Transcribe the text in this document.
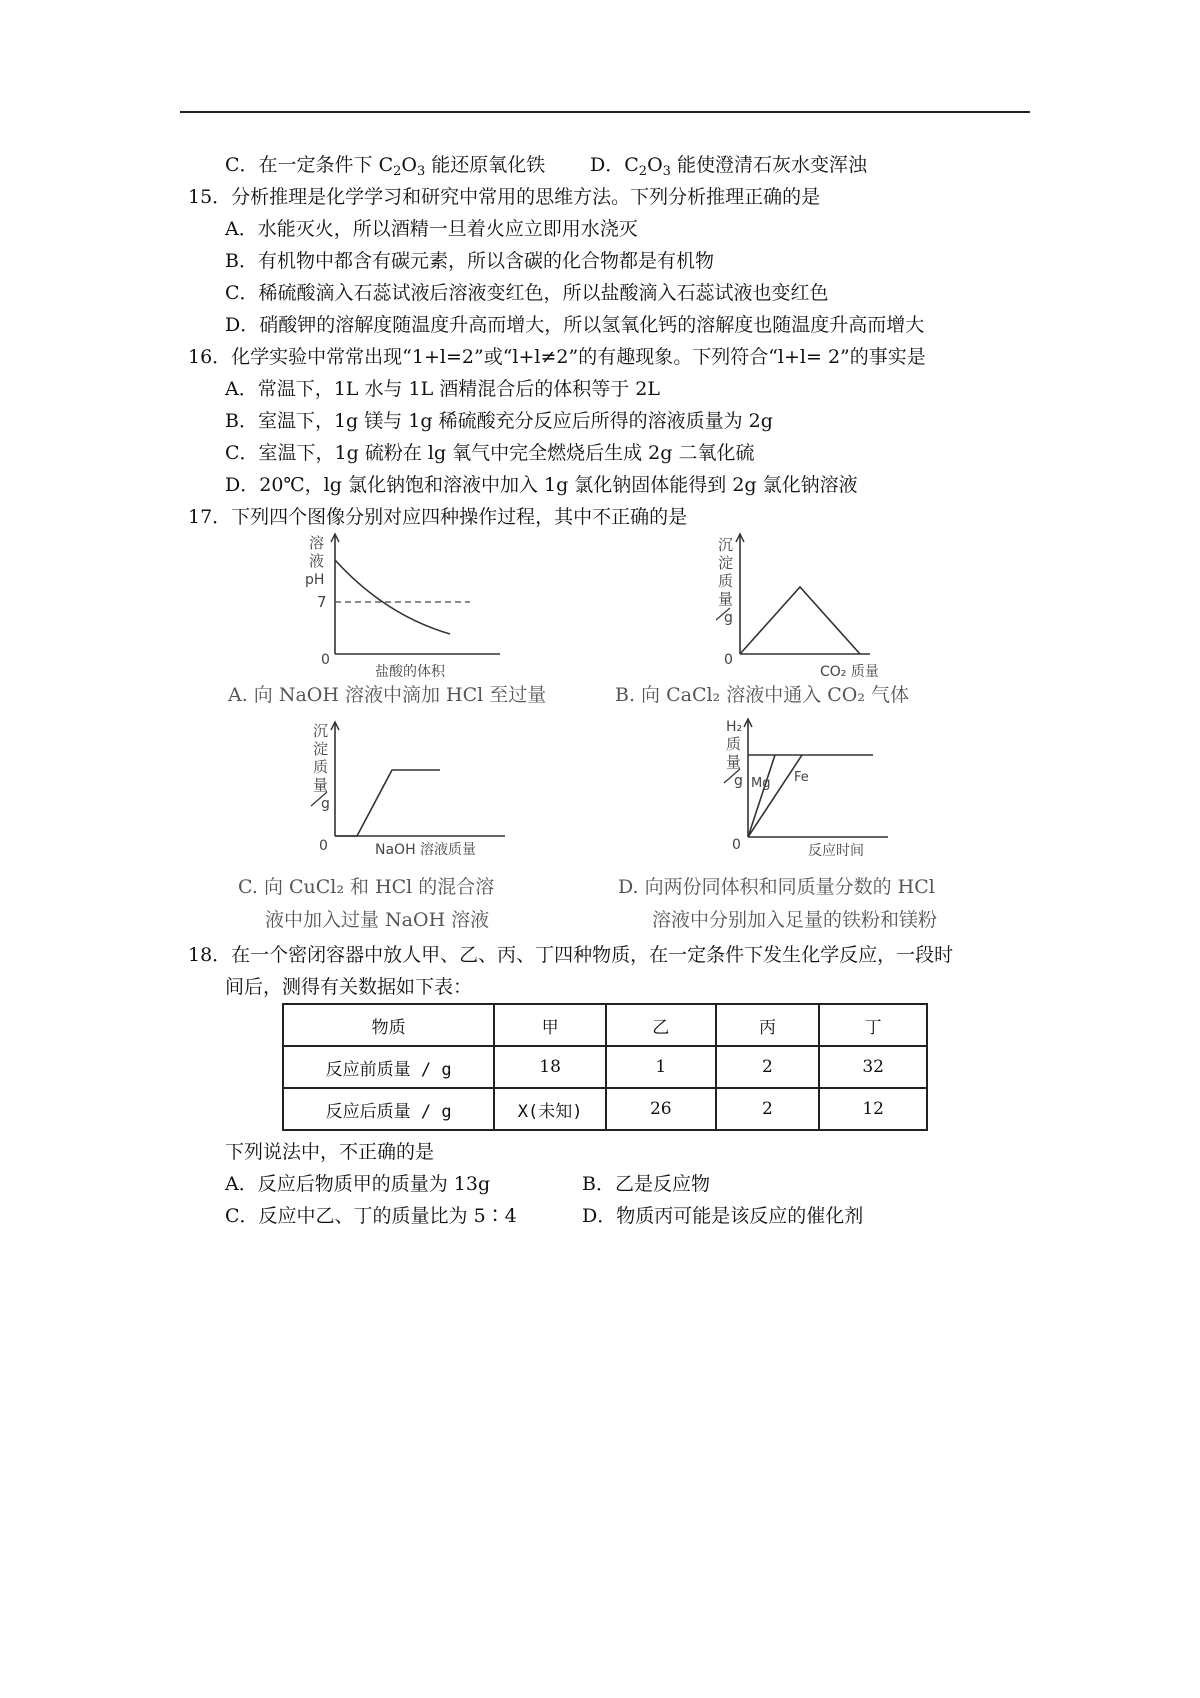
C．在一定条件下 $C_2O_3$ 能还原氧化铁 D．$C_2O_3$ 能使澄清石灰水变浑浊
15．分析推理是化学学习和研究中常用的思维方法。下列分析推理正确的是
A．水能灭火，所以酒精一旦着火应立即用水浇灭
B．有机物中都含有碳元素，所以含碳的化合物都是有机物
C．稀硫酸滴入石蕊试液后溶液变红色，所以盐酸滴入石蕊试液也变红色
D．硝酸钾的溶解度随温度升高而增大，所以氢氧化钙的溶解度也随温度升高而增大
16．化学实验中常常出现“1+l=2”或“l+l≠2”的有趣现象。下列符合“l+l= 2”的事实是
A．常温下，1L 水与 1L 酒精混合后的体积等于 2L
B．室温下，1g 镁与 1g 稀硫酸充分反应后所得的溶液质量为 2g
C．室温下，1g 硫粉在 lg 氧气中完全燃烧后生成 2g 二氧化硫
D．20℃，lg 氯化钠饱和溶液中加入 1g 氯化钠固体能得到 2g 氯化钠溶液
17．下列四个图像分别对应四种操作过程，其中不正确的是
溶
液
pH
7
0
盐酸的体积
A. 向 NaOH 溶液中滴加 HCl 至过量
沉
淀
质
量
g
0
CO₂ 质量
B. 向 CaCl₂ 溶液中通入 CO₂ 气体
沉
淀
质
量
g
0	NaOH 溶液质量
C. 向 CuCl₂ 和 HCl 的混合溶
液中加入过量 NaOH 溶液
H₂
质
量
g Mg Fe
0	反应时间
D. 向两份同体积和同质量分数的 HCl
溶液中分别加入足量的铁粉和镁粉
18．在一个密闭容器中放人甲、乙、丙、丁四种物质，在一定条件下发生化学反应，一段时
间后，测得有关数据如下表：
物质	甲	乙	丙	丁
反应前质量 / g	18	1	2	32
反应后质量 / g	X(未知)	26	2	12
下列说法中，不正确的是
A．反应后物质甲的质量为 13g	B．乙是反应物
C．反应中乙、丁的质量比为 5∶4	D．物质丙可能是该反应的催化剂
